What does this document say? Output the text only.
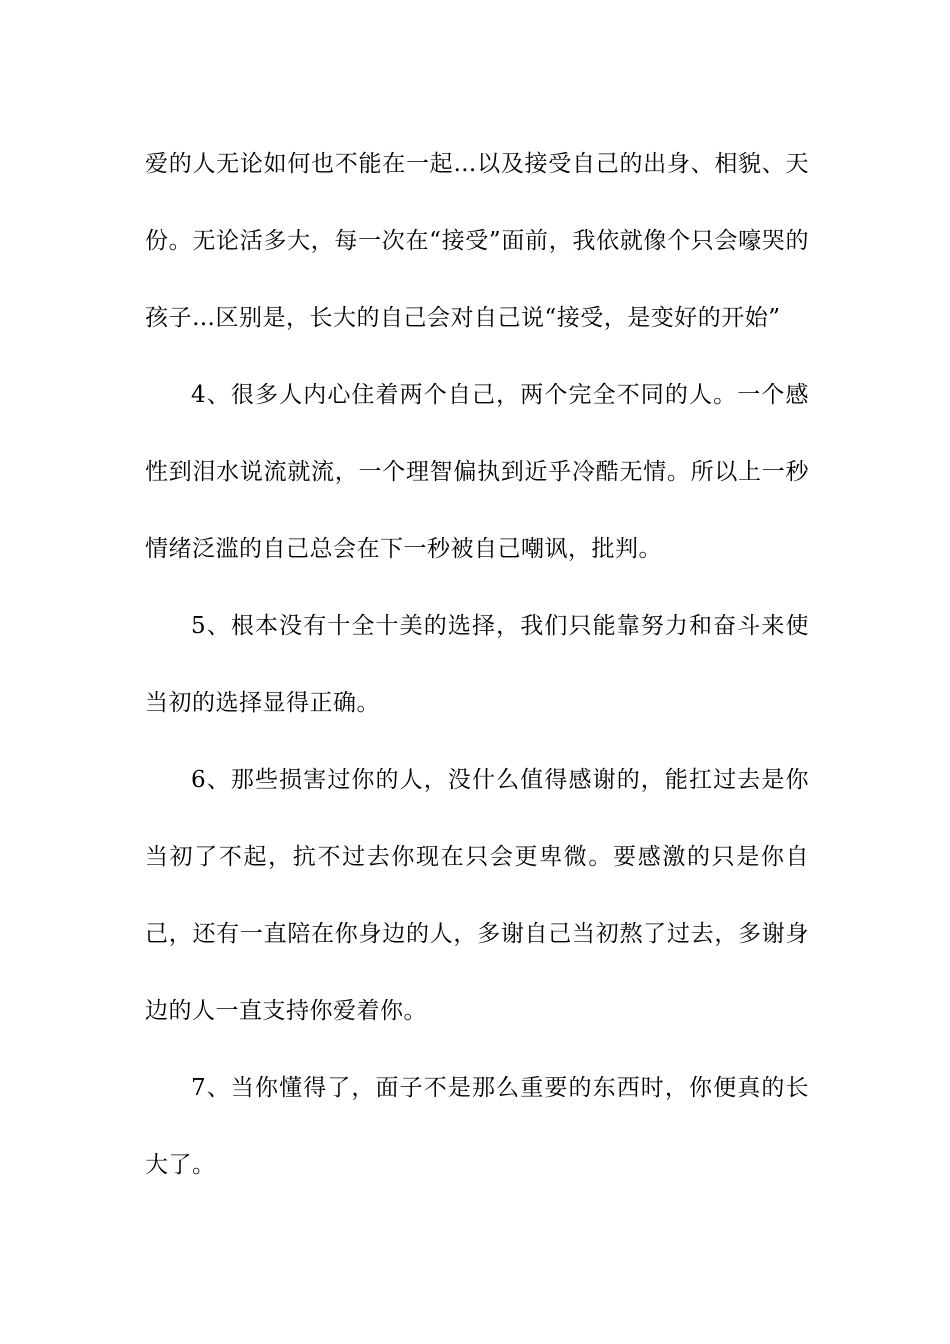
爱的人无论如何也不能在一起…以及接受自己的出身、相貌、天份。无论活多大，每一次在“接受”面前，我依就像个只会嚎哭的孩子…区别是，长大的自己会对自己说“接受，是变好的开始”

4、很多人内心住着两个自己，两个完全不同的人。一个感性到泪水说流就流，一个理智偏执到近乎冷酷无情。所以上一秒情绪泛滥的自己总会在下一秒被自己嘲讽，批判。

5、根本没有十全十美的选择，我们只能靠努力和奋斗来使当初的选择显得正确。

6、那些损害过你的人，没什么值得感谢的，能扛过去是你当初了不起，抗不过去你现在只会更卑微。要感激的只是你自己，还有一直陪在你身边的人，多谢自己当初熬了过去，多谢身边的人一直支持你爱着你。

7、当你懂得了，面子不是那么重要的东西时，你便真的长大了。
